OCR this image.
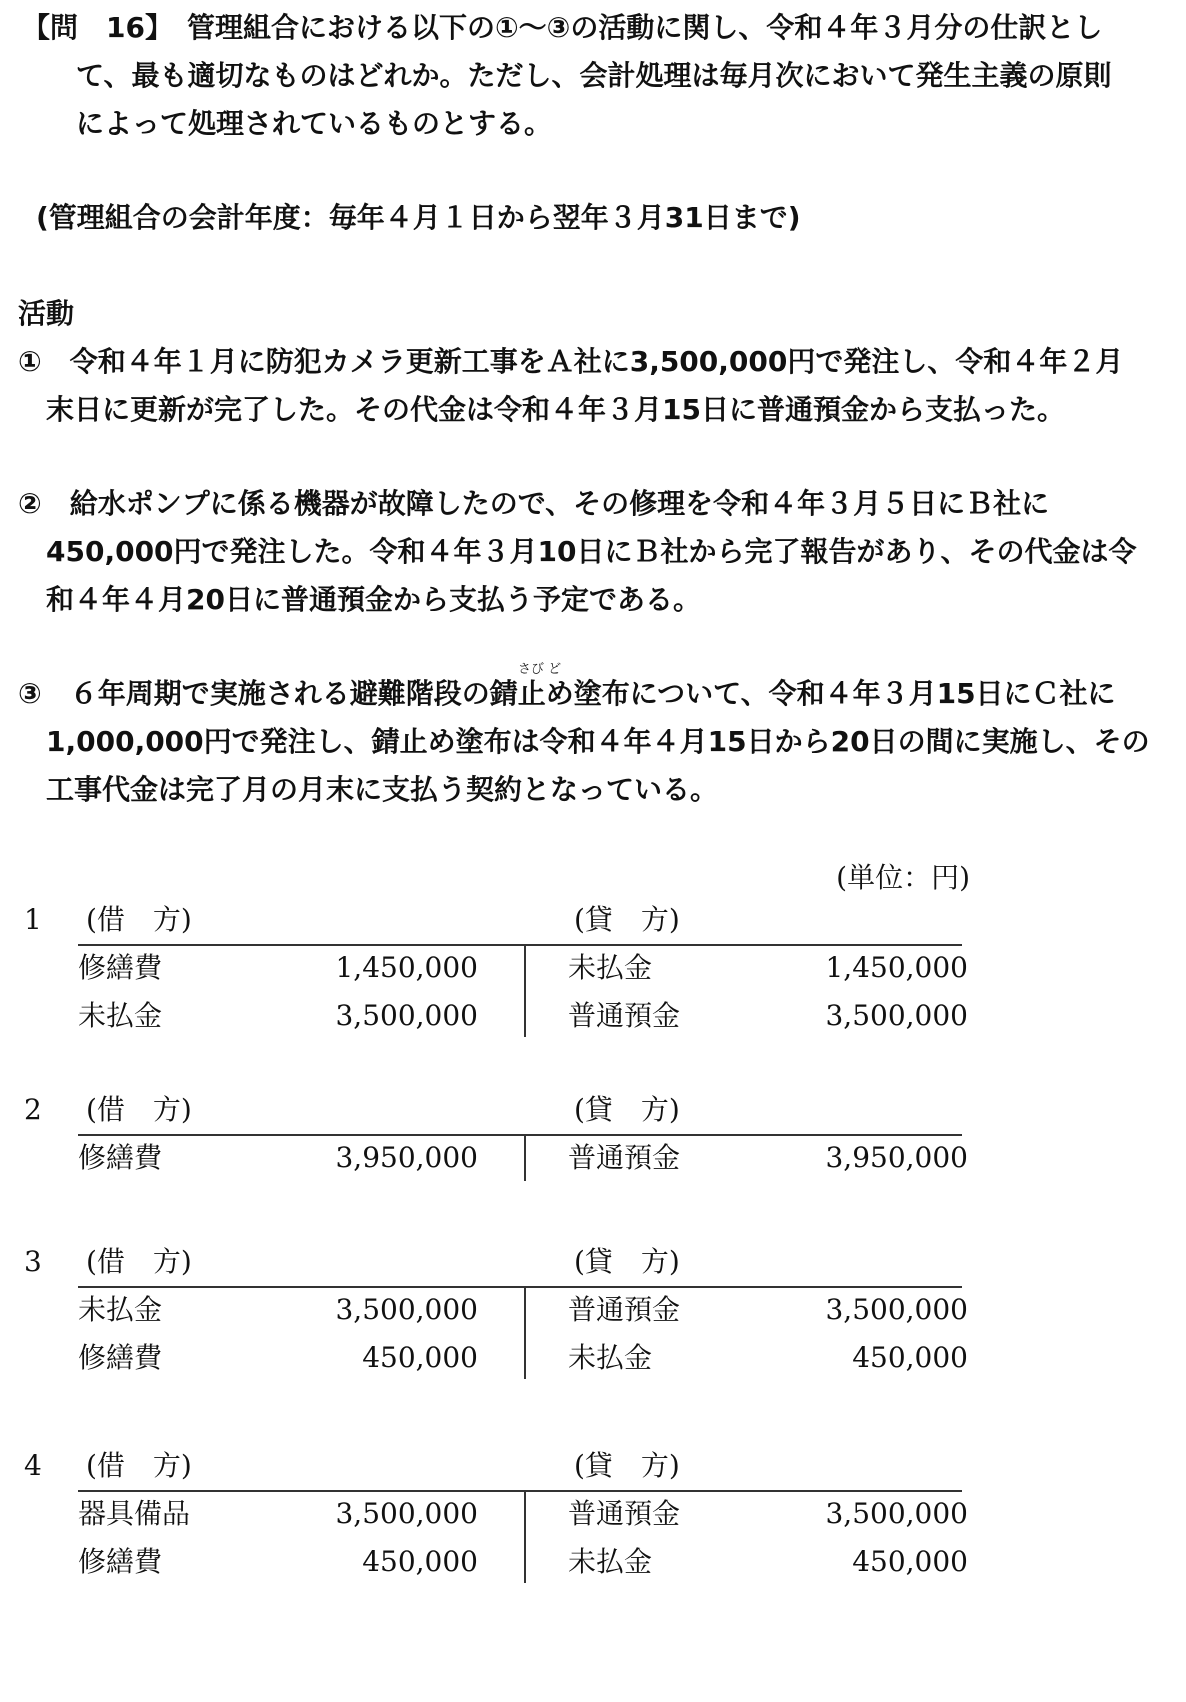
【問　16】　管理組合における以下の①～③の活動に関し、令和４年３月分の仕訳とし
て、最も適切なものはどれか。ただし、会計処理は毎月次において発生主義の原則
によって処理されているものとする。
(管理組合の会計年度：毎年４月１日から翌年３月31日まで)
活動
①　令和４年１月に防犯カメラ更新工事をＡ社に3,500,000円で発注し、令和４年２月
末日に更新が完了した。その代金は令和４年３月15日に普通預金から支払った。
②　給水ポンプに係る機器が故障したので、その修理を令和４年３月５日にＢ社に
450,000円で発注した。令和４年３月10日にＢ社から完了報告があり、その代金は令
和４年４月20日に普通預金から支払う予定である。
さび ど
③　６年周期で実施される避難階段の錆止め塗布について、令和４年３月15日にＣ社に
1,000,000円で発注し、錆止め塗布は令和４年４月15日から20日の間に実施し、その
工事代金は完了月の月末に支払う契約となっている。
(単位：円)
1 (借　方)	(貸　方)
修繕費	1,450,000	未払金	1,450,000
未払金	3,500,000	普通預金	3,500,000
2 (借　方)	(貸　方)
修繕費	3,950,000	普通預金	3,950,000
3 (借　方)	(貸　方)
未払金	3,500,000	普通預金	3,500,000
修繕費	450,000	未払金	450,000
4 (借　方)	(貸　方)
器具備品	3,500,000	普通預金	3,500,000
修繕費	450,000	未払金	450,000
